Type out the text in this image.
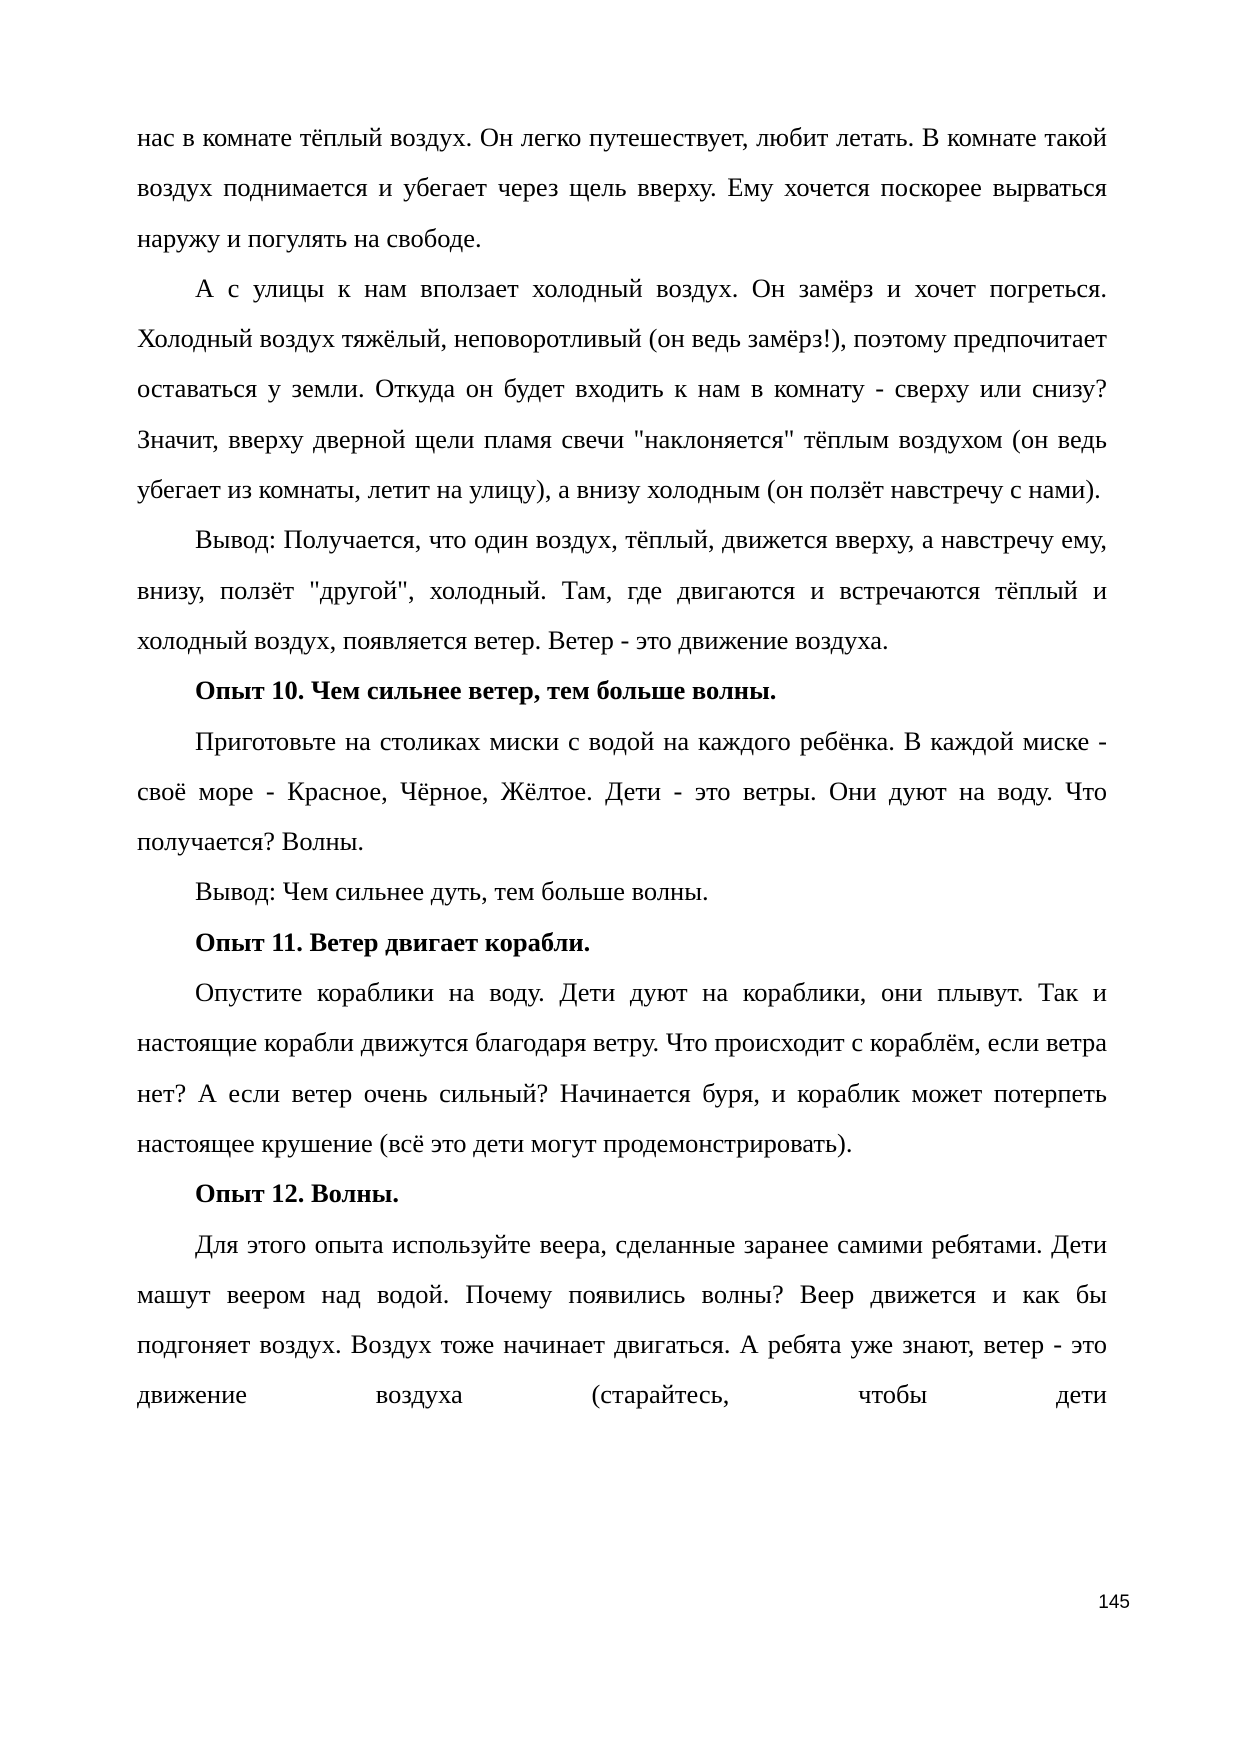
нас в комнате тёплый воздух. Он легко путешествует, любит летать. В комнате такой воздух поднимается и убегает через щель вверху. Ему хочется поскорее вырваться наружу и погулять на свободе.

А с улицы к нам вползает холодный воздух. Он замёрз и хочет погреться. Холодный воздух тяжёлый, неповоротливый (он ведь замёрз!), поэтому предпочитает оставаться у земли. Откуда он будет входить к нам в комнату - сверху или снизу? Значит, вверху дверной щели пламя свечи "наклоняется" тёплым воздухом (он ведь убегает из комнаты, летит на улицу), а внизу холодным (он ползёт навстречу с нами).

Вывод: Получается, что один воздух, тёплый, движется вверху, а навстречу ему, внизу, ползёт "другой", холодный. Там, где двигаются и встречаются тёплый и холодный воздух, появляется ветер. Ветер - это движение воздуха.

Опыт 10. Чем сильнее ветер, тем больше волны.

Приготовьте на столиках миски с водой на каждого ребёнка. В каждой миске - своё море - Красное, Чёрное, Жёлтое. Дети - это ветры. Они дуют на воду. Что получается? Волны.

Вывод: Чем сильнее дуть, тем больше волны.

Опыт 11. Ветер двигает корабли.

Опустите кораблики на воду. Дети дуют на кораблики, они плывут. Так и настоящие корабли движутся благодаря ветру. Что происходит с кораблём, если ветра нет? А если ветер очень сильный? Начинается буря, и кораблик может потерпеть настоящее крушение (всё это дети могут продемонстрировать).

Опыт 12. Волны.

Для этого опыта используйте веера, сделанные заранее самими ребятами. Дети машут веером над водой. Почему появились волны? Веер движется и как бы подгоняет воздух. Воздух тоже начинает двигаться. А ребята уже знают, ветер - это движение воздуха (старайтесь, чтобы дети

145
